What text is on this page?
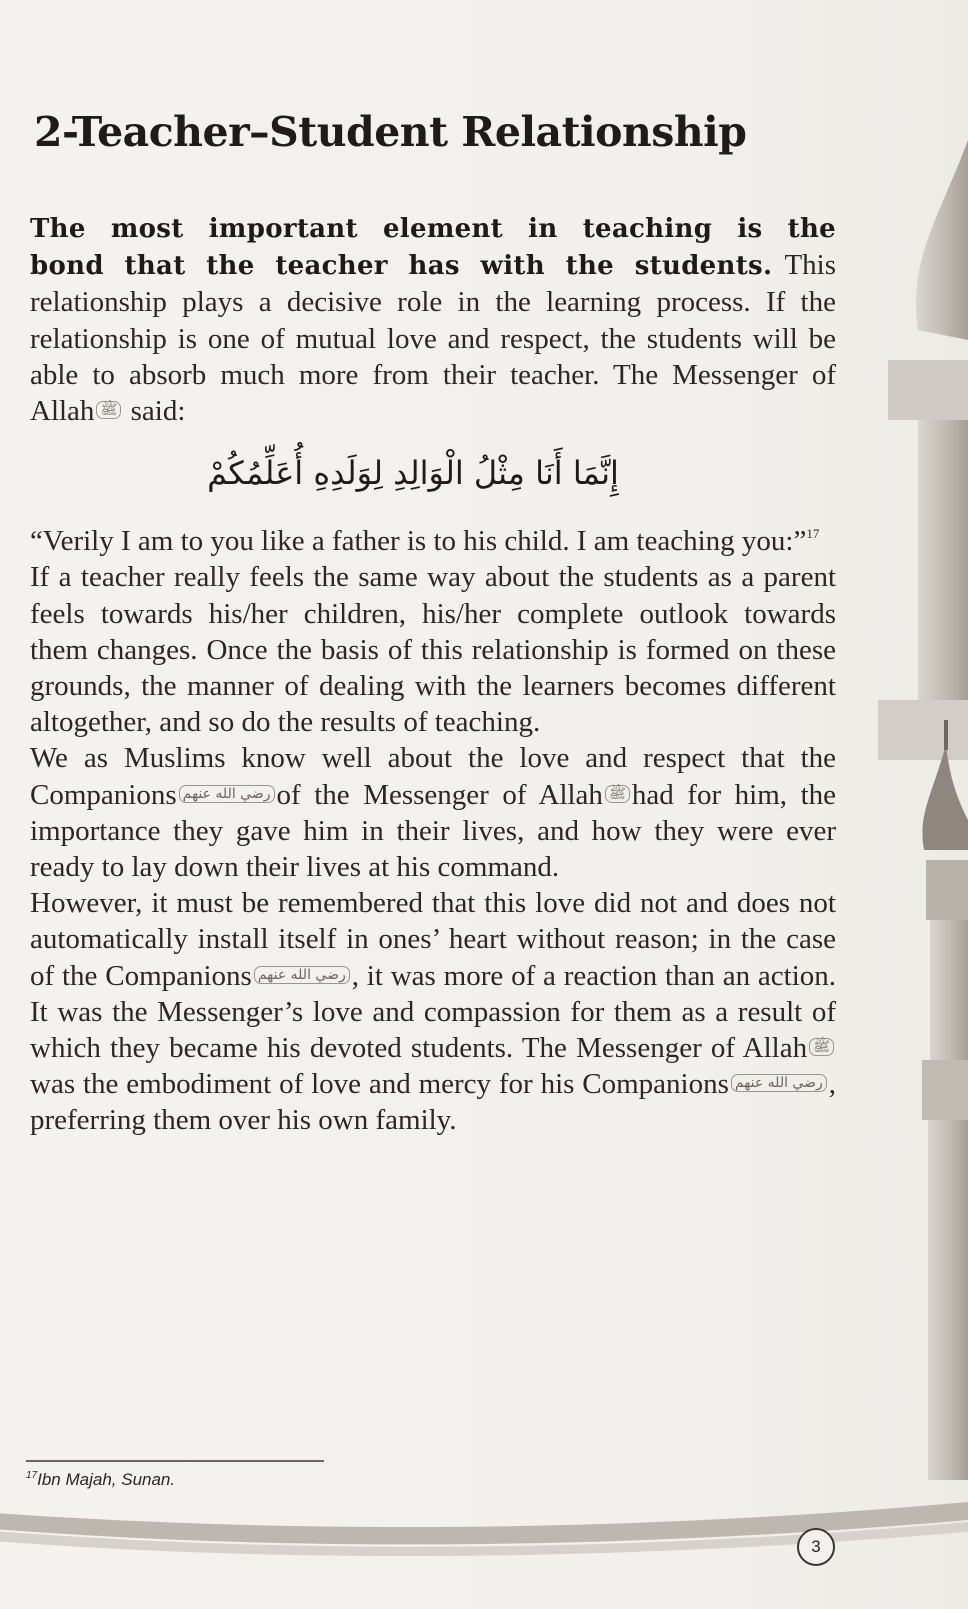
2-Teacher–Student Relationship

The most important element in teaching is the bond that the teacher has with the students. This relationship plays a decisive role in the learning process. If the relationship is one of mutual love and respect, the students will be able to absorb much more from their teacher. The Messenger of Allah ﷺ said:

إِنَّمَا أَنَا مِثْلُ الْوَالِدِ لِوَلَدِهِ أُعَلِّمُكُمْ

“Verily I am to you like a father is to his child. I am teaching you:”$^{17}$

If a teacher really feels the same way about the students as a parent feels towards his/her children, his/her complete outlook towards them changes. Once the basis of this relationship is formed on these grounds, the manner of dealing with the learners becomes different altogether, and so do the results of teaching.

We as Muslims know well about the love and respect that the Companions رضي الله عنهم of the Messenger of Allah ﷺ had for him, the importance they gave him in their lives, and how they were ever ready to lay down their lives at his command.

However, it must be remembered that this love did not and does not automatically install itself in ones’ heart without reason; in the case of the Companions رضي الله عنهم , it was more of a reaction than an action. It was the Messenger’s love and compassion for them as a result of which they became his devoted students. The Messenger of Allah ﷺ was the embodiment of love and mercy for his Companions رضي الله عنهم , preferring them over his own family.

$^{17}$Ibn Majah, Sunan.
3
